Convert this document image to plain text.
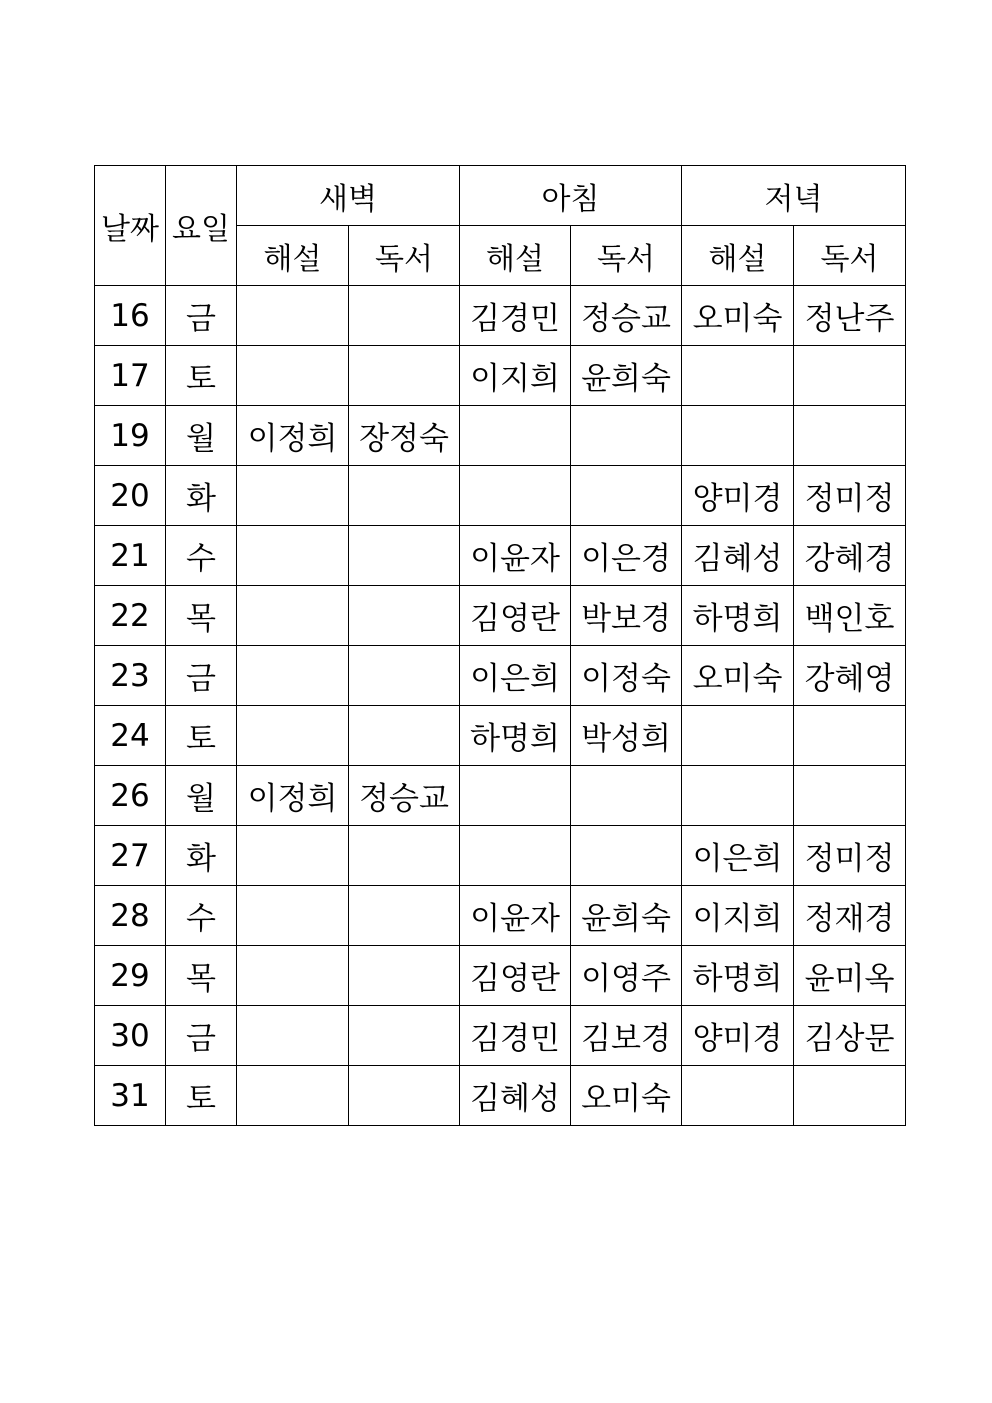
날짜	요일	새벽		아침		저녁	
		해설	독서	해설	독서	해설	독서
16	금			김경민	정승교	오미숙	정난주
17	토			이지희	윤희숙		
19	월	이정희	장정숙				
20	화					양미경	정미정
21	수			이윤자	이은경	김혜성	강혜경
22	목			김영란	박보경	하명희	백인호
23	금			이은희	이정숙	오미숙	강혜영
24	토			하명희	박성희		
26	월	이정희	정승교				
27	화					이은희	정미정
28	수			이윤자	윤희숙	이지희	정재경
29	목			김영란	이영주	하명희	윤미옥
30	금			김경민	김보경	양미경	김상문
31	토			김혜성	오미숙		
